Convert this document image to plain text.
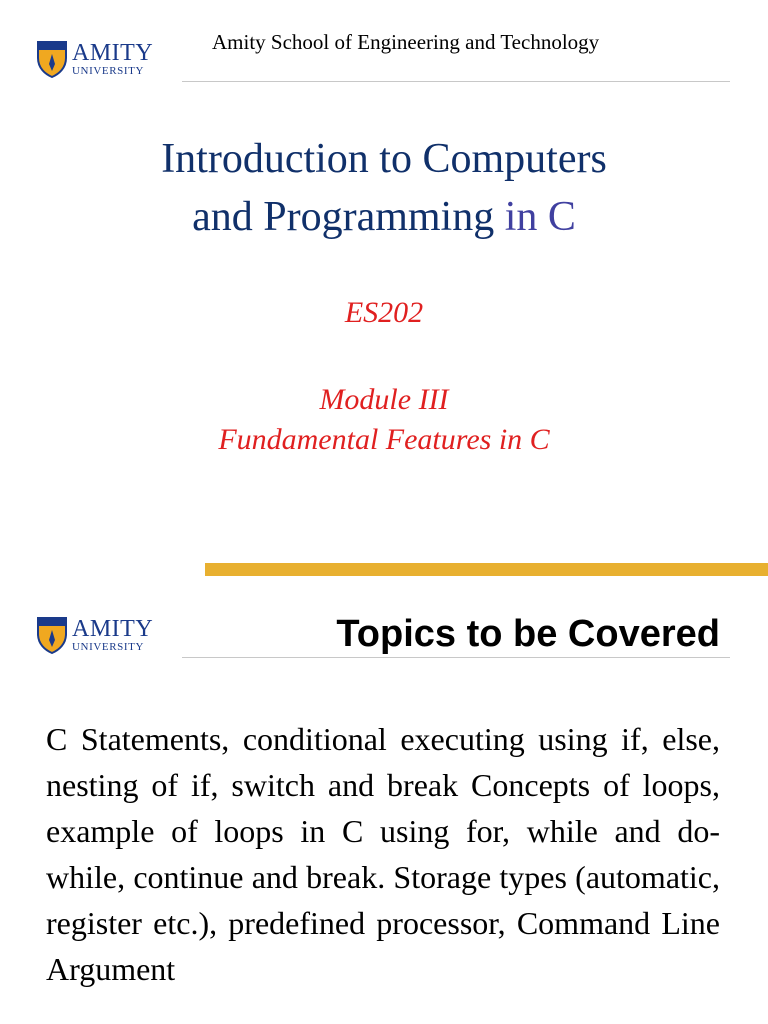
AMITY
UNIVERSITY
Amity School of Engineering and Technology
Introduction to Computers
and Programming in C
ES202
Module III
Fundamental Features in C
AMITY
UNIVERSITY	Topics to be Covered
C Statements, conditional executing using if, else, nesting of if, switch and break Concepts of loops, example of loops in C using for, while and do-while, continue and break. Storage types (automatic, register etc.), predefined processor, Command Line Argument
